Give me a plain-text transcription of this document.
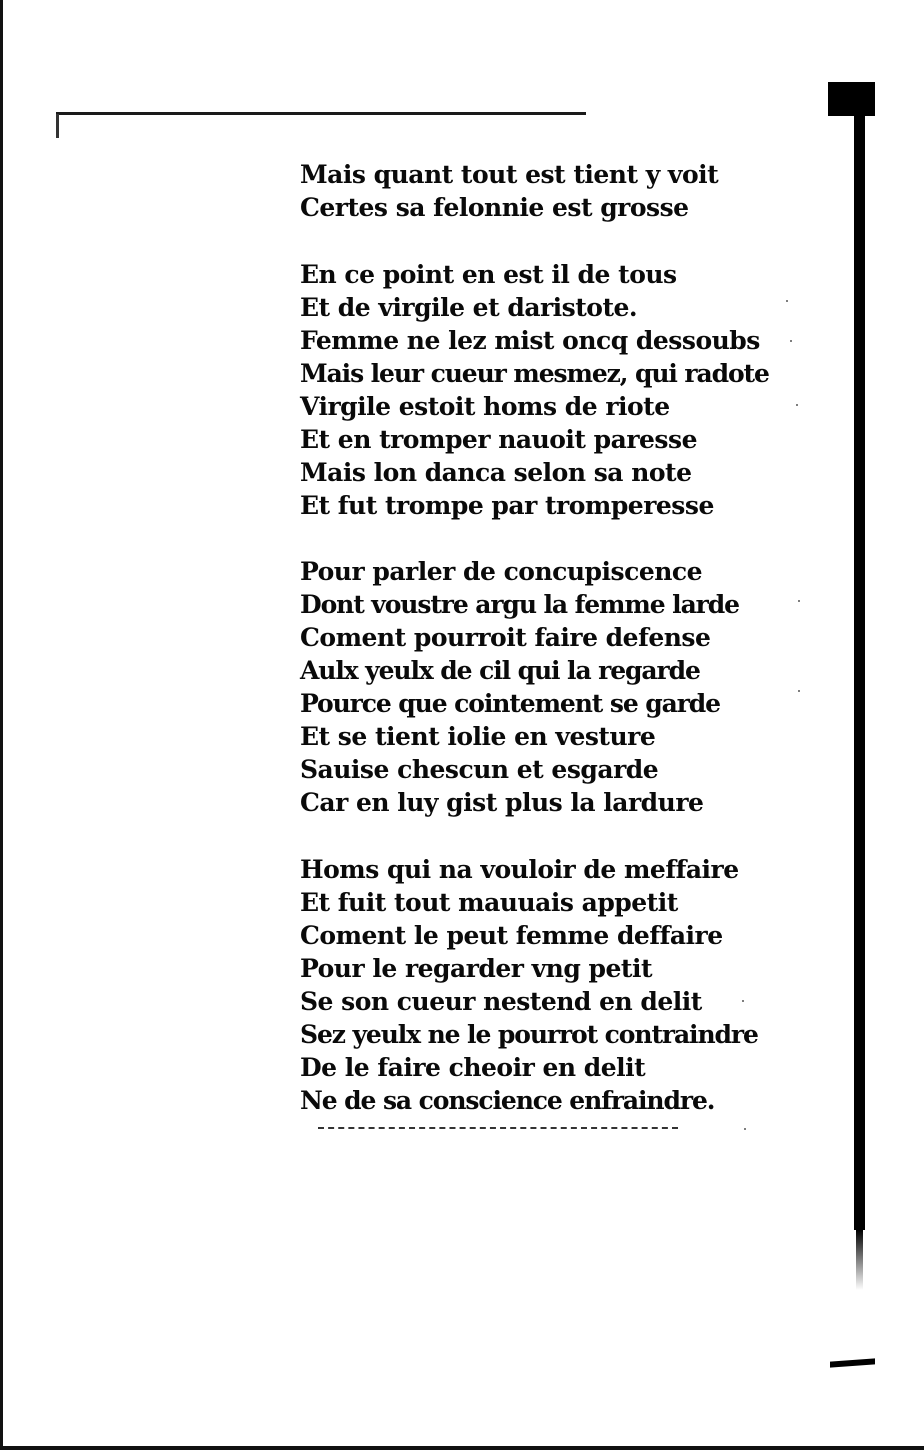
Mais quant tout est tient y voit
Certes sa felonnie est grosse
En ce point en est il de tous
Et de virgile et daristote.
Femme ne lez mist oncq dessoubs
Mais leur cueur mesmez, qui radote
Virgile estoit homs de riote
Et en tromper nauoit paresse
Mais lon danca selon sa note
Et fut trompe par tromperesse
Pour parler de concupiscence
Dont voustre argu la femme larde
Coment pourroit faire defense
Aulx yeulx de cil qui la regarde
Pource que cointement se garde
Et se tient iolie en vesture
Sauise chescun et esgarde
Car en luy gist plus la lardure
Homs qui na vouloir de meffaire
Et fuit tout mauuais appetit
Coment le peut femme deffaire
Pour le regarder vng petit
Se son cueur nestend en delit
Sez yeulx ne le pourrot contraindre
De le faire cheoir en delit
Ne de sa conscience enfraindre.
